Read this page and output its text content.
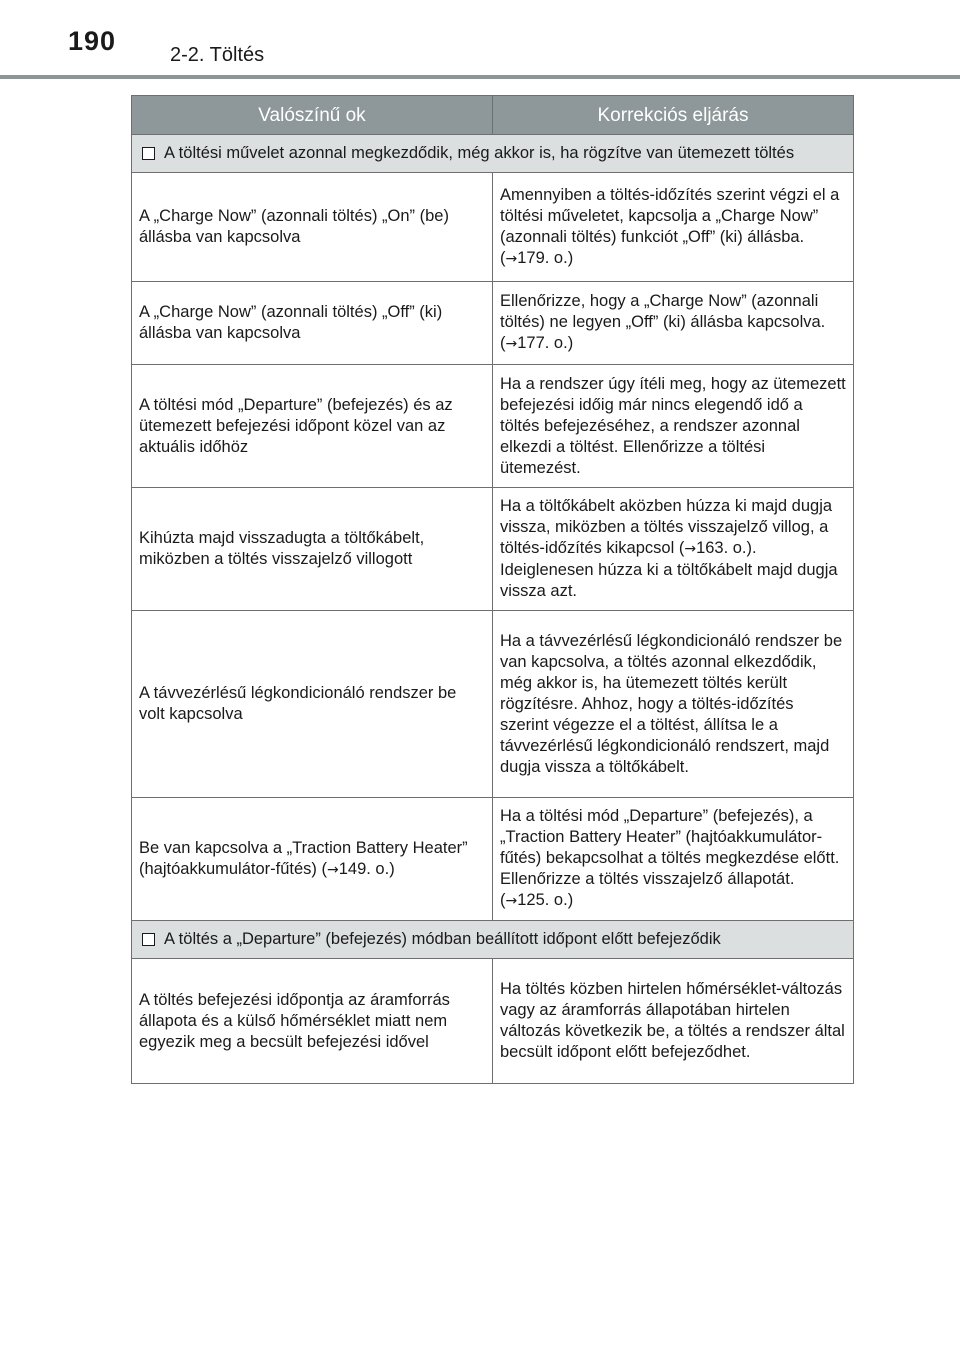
190	2-2. Töltés
Valószínű ok	Korrekciós eljárás

A töltési művelet azonnal megkezdődik, még akkor is, ha rögzítve van ütemezett töltés	

A „Charge Now” (azonnali töltés) „On” (be) állásba van kapcsolva	Amennyiben a töltés-időzítés szerint végzi el a töltési műveletet, kapcsolja a „Charge Now” (azonnali töltés) funkciót „Off” (ki) állásba. (→179. o.)
A „Charge Now” (azonnali töltés) „Off” (ki) állásba van kapcsolva	Ellenőrizze, hogy a „Charge Now” (azonnali töltés) ne legyen „Off” (ki) állásba kapcsolva. (→177. o.)
A töltési mód „Departure” (befejezés) és az ütemezett befejezési időpont közel van az aktuális időhöz	Ha a rendszer úgy ítéli meg, hogy az ütemezett befejezési időig már nincs elegendő idő a töltés befejezéséhez, a rendszer azonnal elkezdi a töltést. Ellenőrizze a töltési ütemezést.
Kihúzta majd visszadugta a töltőkábelt, miközben a töltés visszajelző villogott	Ha a töltőkábelt aközben húzza ki majd dugja vissza, miközben a töltés visszajelző villog, a töltés-időzítés kikapcsol (→163. o.). Ideiglenesen húzza ki a töltőkábelt majd dugja vissza azt.
A távvezérlésű légkondicionáló rendszer be volt kapcsolva	Ha a távvezérlésű légkondicionáló rendszer be van kapcsolva, a töltés azonnal elkezdődik, még akkor is, ha ütemezett töltés került rögzítésre. Ahhoz, hogy a töltés-időzítés szerint végezze el a töltést, állítsa le a távvezérlésű légkondicionáló rendszert, majd dugja vissza a töltőkábelt.
Be van kapcsolva a „Traction Battery Heater” (hajtóakkumulátor-fűtés) (→149. o.)	Ha a töltési mód „Departure” (befejezés), a „Traction Battery Heater” (hajtóakkumulátor-fűtés) bekapcsolhat a töltés megkezdése előtt. Ellenőrizze a töltés visszajelző állapotát. (→125. o.)

A töltés a „Departure” (befejezés) módban beállított időpont előtt befejeződik	

A töltés befejezési időpontja az áramforrás állapota és a külső hőmérséklet miatt nem egyezik meg a becsült befejezési idővel	Ha töltés közben hirtelen hőmérséklet-változás vagy az áramforrás állapotában hirtelen változás következik be, a töltés a rendszer által becsült időpont előtt befejeződhet.
